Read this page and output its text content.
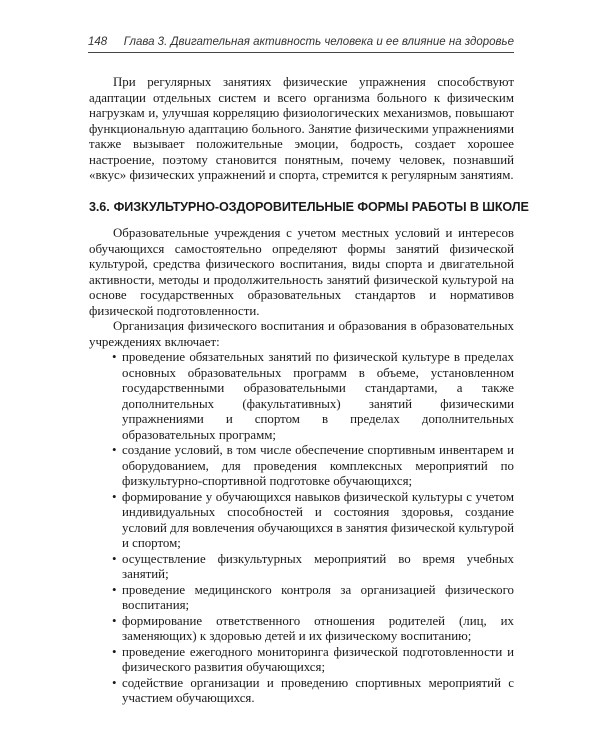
148 Глава 3. Двигательная активность человека и ее влияние на здоровье

При регулярных занятиях физические упражнения способствуют адаптации отдельных систем и всего организма больного к физическим нагрузкам и, улучшая корреляцию физиологических механизмов, повышают функциональную адаптацию больного. Занятие физическими упражнениями также вызывает положительные эмоции, бодрость, создает хорошее настроение, поэтому становится понятным, почему человек, познавший «вкус» физических упражнений и спорта, стремится к регулярным занятиям.

3.6. ФИЗКУЛЬТУРНО-ОЗДОРОВИТЕЛЬНЫЕ ФОРМЫ РАБОТЫ В ШКОЛЕ

Образовательные учреждения с учетом местных условий и интересов обучающихся самостоятельно определяют формы занятий физической культурой, средства физического воспитания, виды спорта и двигательной активности, методы и продолжительность занятий физической культурой на основе государственных образовательных стандартов и нормативов физической подготовленности.

Организация физического воспитания и образования в образовательных учреждениях включает:

• проведение обязательных занятий по физической культуре в пределах основных образовательных программ в объеме, установленном государственными образовательными стандартами, а также дополнительных (факультативных) занятий физическими упражнениями и спортом в пределах дополнительных образовательных программ;
• создание условий, в том числе обеспечение спортивным инвентарем и оборудованием, для проведения комплексных мероприятий по физкультурно-спортивной подготовке обучающихся;
• формирование у обучающихся навыков физической культуры с учетом индивидуальных способностей и состояния здоровья, создание условий для вовлечения обучающихся в занятия физической культурой и спортом;
• осуществление физкультурных мероприятий во время учебных занятий;
• проведение медицинского контроля за организацией физического воспитания;
• формирование ответственного отношения родителей (лиц, их заменяющих) к здоровью детей и их физическому воспитанию;
• проведение ежегодного мониторинга физической подготовленности и физического развития обучающихся;
• содействие организации и проведению спортивных мероприятий с участием обучающихся.
